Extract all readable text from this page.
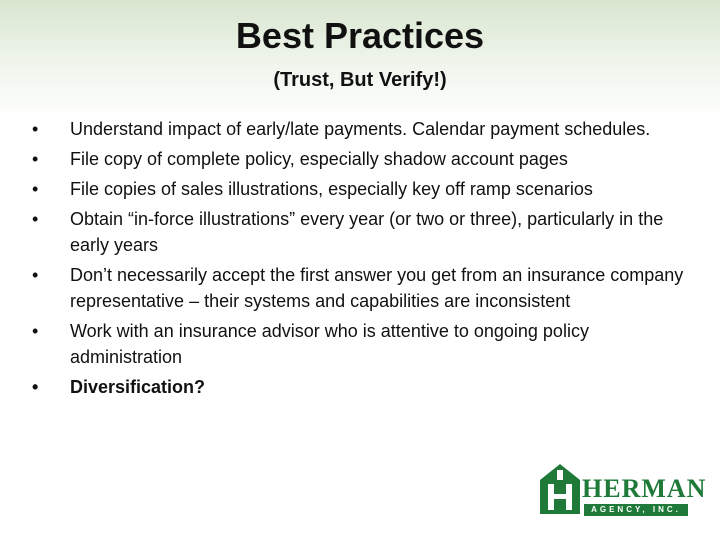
Best Practices
(Trust, But Verify!)
•	Understand impact of early/late payments. Calendar payment schedules.
•	File copy of complete policy, especially shadow account pages
•	File copies of sales illustrations, especially key off ramp scenarios
•	Obtain “in-force illustrations” every year (or two or three), particularly in the early years
•	Don’t necessarily accept the first answer you get from an insurance company representative – their systems and capabilities are inconsistent
•	Work with an insurance advisor who is attentive to ongoing policy administration
•	Diversification?
HERMAN
AGENCY, INC.
